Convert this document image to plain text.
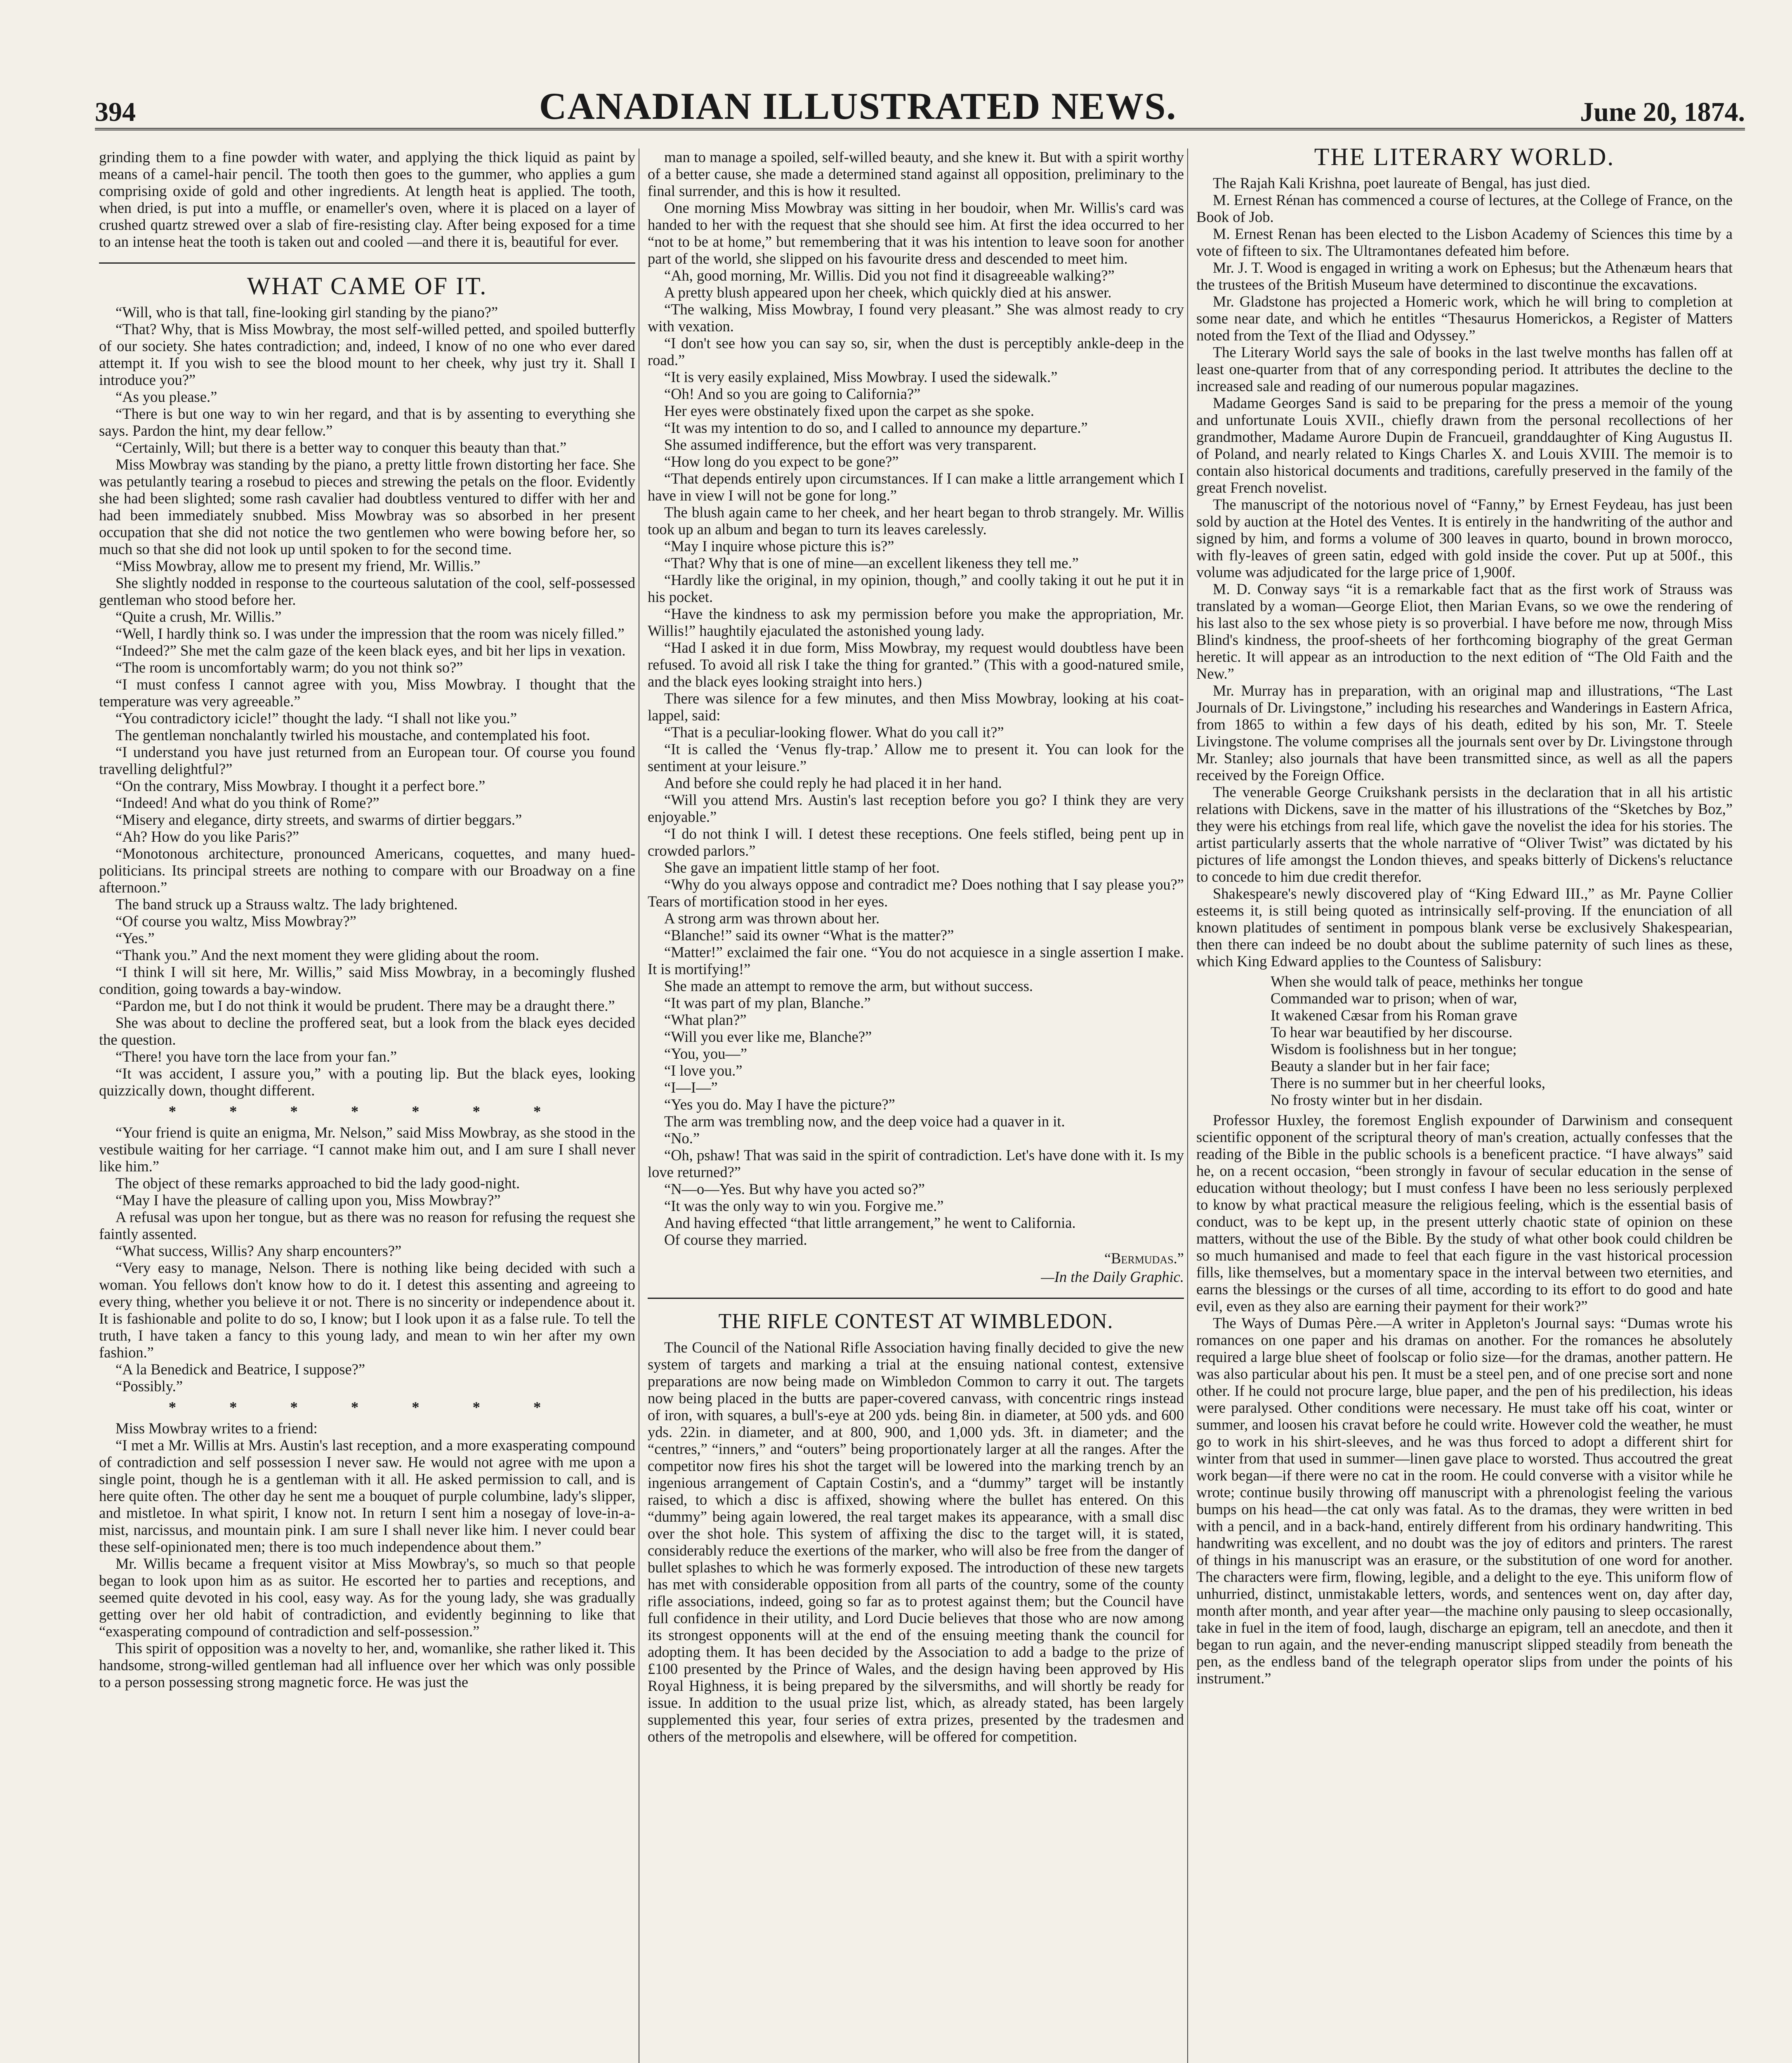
394	CANADIAN ILLUSTRATED NEWS.	June 20, 1874.

grinding them to a fine powder with water, and applying the thick liquid as paint by means of a camel-hair pencil. The tooth then goes to the gummer, who applies a gum comprising oxide of gold and other ingredients. At length heat is applied. The tooth, when dried, is put into a muffle, or enameller's oven, where it is placed on a layer of crushed quartz strewed over a slab of fire-resisting clay. After being exposed for a time to an intense heat the tooth is taken out and cooled —and there it is, beautiful for ever.

WHAT CAME OF IT.

“Will, who is that tall, fine-looking girl standing by the piano?”

“That? Why, that is Miss Mowbray, the most self-willed petted, and spoiled butterfly of our society. She hates contradiction; and, indeed, I know of no one who ever dared attempt it. If you wish to see the blood mount to her cheek, why just try it. Shall I introduce you?”

“As you please.”

“There is but one way to win her regard, and that is by assenting to everything she says. Pardon the hint, my dear fellow.”

“Certainly, Will; but there is a better way to conquer this beauty than that.”

Miss Mowbray was standing by the piano, a pretty little frown distorting her face. She was petulantly tearing a rosebud to pieces and strewing the petals on the floor. Evidently she had been slighted; some rash cavalier had doubtless ventured to differ with her and had been immediately snubbed. Miss Mowbray was so absorbed in her present occupation that she did not notice the two gentlemen who were bowing before her, so much so that she did not look up until spoken to for the second time.

“Miss Mowbray, allow me to present my friend, Mr. Willis.”

She slightly nodded in response to the courteous salutation of the cool, self-possessed gentleman who stood before her.

“Quite a crush, Mr. Willis.”

“Well, I hardly think so. I was under the impression that the room was nicely filled.”

“Indeed?” She met the calm gaze of the keen black eyes, and bit her lips in vexation.

“The room is uncomfortably warm; do you not think so?”

“I must confess I cannot agree with you, Miss Mowbray. I thought that the temperature was very agreeable.”

“You contradictory icicle!” thought the lady. “I shall not like you.”

The gentleman nonchalantly twirled his moustache, and contemplated his foot.

“I understand you have just returned from an European tour. Of course you found travelling delightful?”

“On the contrary, Miss Mowbray. I thought it a perfect bore.”

“Indeed! And what do you think of Rome?”

“Misery and elegance, dirty streets, and swarms of dirtier beggars.”

“Ah? How do you like Paris?”

“Monotonous architecture, pronounced Americans, coquettes, and many hued-politicians. Its principal streets are nothing to compare with our Broadway on a fine afternoon.”

The band struck up a Strauss waltz. The lady brightened.

“Of course you waltz, Miss Mowbray?”

“Yes.”

“Thank you.” And the next moment they were gliding about the room.

“I think I will sit here, Mr. Willis,” said Miss Mowbray, in a becomingly flushed condition, going towards a bay-window.

“Pardon me, but I do not think it would be prudent. There may be a draught there.”

She was about to decline the proffered seat, but a look from the black eyes decided the question.

“There! you have torn the lace from your fan.”

“It was accident, I assure you,” with a pouting lip. But the black eyes, looking quizzically down, thought different.

* * * * * * *

“Your friend is quite an enigma, Mr. Nelson,” said Miss Mowbray, as she stood in the vestibule waiting for her carriage. “I cannot make him out, and I am sure I shall never like him.”

The object of these remarks approached to bid the lady good-night.

“May I have the pleasure of calling upon you, Miss Mowbray?”

A refusal was upon her tongue, but as there was no reason for refusing the request she faintly assented.

“What success, Willis? Any sharp encounters?”

“Very easy to manage, Nelson. There is nothing like being decided with such a woman. You fellows don't know how to do it. I detest this assenting and agreeing to every thing, whether you believe it or not. There is no sincerity or independence about it. It is fashionable and polite to do so, I know; but I look upon it as a false rule. To tell the truth, I have taken a fancy to this young lady, and mean to win her after my own fashion.”

“A la Benedick and Beatrice, I suppose?”

“Possibly.”

* * * * * * *

Miss Mowbray writes to a friend:

“I met a Mr. Willis at Mrs. Austin's last reception, and a more exasperating compound of contradiction and self possession I never saw. He would not agree with me upon a single point, though he is a gentleman with it all. He asked permission to call, and is here quite often. The other day he sent me a bouquet of purple columbine, lady's slipper, and mistletoe. In what spirit, I know not. In return I sent him a nosegay of love-in-a-mist, narcissus, and mountain pink. I am sure I shall never like him. I never could bear these self-opinionated men; there is too much independence about them.”

Mr. Willis became a frequent visitor at Miss Mowbray's, so much so that people began to look upon him as as suitor. He escorted her to parties and receptions, and seemed quite devoted in his cool, easy way. As for the young lady, she was gradually getting over her old habit of contradiction, and evidently beginning to like that “exasperating compound of contradiction and self-possession.”

This spirit of opposition was a novelty to her, and, womanlike, she rather liked it. This handsome, strong-willed gentleman had all influence over her which was only possible to a person possessing strong magnetic force. He was just the

man to manage a spoiled, self-willed beauty, and she knew it. But with a spirit worthy of a better cause, she made a determined stand against all opposition, preliminary to the final surrender, and this is how it resulted.

One morning Miss Mowbray was sitting in her boudoir, when Mr. Willis's card was handed to her with the request that she should see him. At first the idea occurred to her “not to be at home,” but remembering that it was his intention to leave soon for another part of the world, she slipped on his favourite dress and descended to meet him.

“Ah, good morning, Mr. Willis. Did you not find it disagreeable walking?”

A pretty blush appeared upon her cheek, which quickly died at his answer.

“The walking, Miss Mowbray, I found very pleasant.” She was almost ready to cry with vexation.

“I don't see how you can say so, sir, when the dust is perceptibly ankle-deep in the road.”

“It is very easily explained, Miss Mowbray. I used the sidewalk.”

“Oh! And so you are going to California?”

Her eyes were obstinately fixed upon the carpet as she spoke.

“It was my intention to do so, and I called to announce my departure.”

She assumed indifference, but the effort was very transparent.

“How long do you expect to be gone?”

“That depends entirely upon circumstances. If I can make a little arrangement which I have in view I will not be gone for long.”

The blush again came to her cheek, and her heart began to throb strangely. Mr. Willis took up an album and began to turn its leaves carelessly.

“May I inquire whose picture this is?”

“That? Why that is one of mine—an excellent likeness they tell me.”

“Hardly like the original, in my opinion, though,” and coolly taking it out he put it in his pocket.

“Have the kindness to ask my permission before you make the appropriation, Mr. Willis!” haughtily ejaculated the astonished young lady.

“Had I asked it in due form, Miss Mowbray, my request would doubtless have been refused. To avoid all risk I take the thing for granted.” (This with a good-natured smile, and the black eyes looking straight into hers.)

There was silence for a few minutes, and then Miss Mowbray, looking at his coat-lappel, said:

“That is a peculiar-looking flower. What do you call it?”

“It is called the ‘Venus fly-trap.’ Allow me to present it. You can look for the sentiment at your leisure.”

And before she could reply he had placed it in her hand.

“Will you attend Mrs. Austin's last reception before you go? I think they are very enjoyable.”

“I do not think I will. I detest these receptions. One feels stifled, being pent up in crowded parlors.”

She gave an impatient little stamp of her foot.

“Why do you always oppose and contradict me? Does nothing that I say please you?” Tears of mortification stood in her eyes.

A strong arm was thrown about her.

“Blanche!” said its owner “What is the matter?”

“Matter!” exclaimed the fair one. “You do not acquiesce in a single assertion I make. It is mortifying!”

She made an attempt to remove the arm, but without success.

“It was part of my plan, Blanche.”

“What plan?”

“Will you ever like me, Blanche?”

“You, you—”

“I love you.”

“I—I—”

“Yes you do. May I have the picture?”

The arm was trembling now, and the deep voice had a quaver in it.

“No.”

“Oh, pshaw! That was said in the spirit of contradiction. Let's have done with it. Is my love returned?”

“N—o—Yes. But why have you acted so?”

“It was the only way to win you. Forgive me.”

And having effected “that little arrangement,” he went to California.

Of course they married.

“Bermudas.”
—In the Daily Graphic.
THE RIFLE CONTEST AT WIMBLEDON.

The Council of the National Rifle Association having finally decided to give the new system of targets and marking a trial at the ensuing national contest, extensive preparations are now being made on Wimbledon Common to carry it out. The targets now being placed in the butts are paper-covered canvass, with concentric rings instead of iron, with squares, a bull's-eye at 200 yds. being 8in. in diameter, at 500 yds. and 600 yds. 22in. in diameter, and at 800, 900, and 1,000 yds. 3ft. in diameter; and the “centres,” “inners,” and “outers” being proportionately larger at all the ranges. After the competitor now fires his shot the target will be lowered into the marking trench by an ingenious arrangement of Captain Costin's, and a “dummy” target will be instantly raised, to which a disc is affixed, showing where the bullet has entered. On this “dummy” being again lowered, the real target makes its appearance, with a small disc over the shot hole. This system of affixing the disc to the target will, it is stated, considerably reduce the exertions of the marker, who will also be free from the danger of bullet splashes to which he was formerly exposed. The introduction of these new targets has met with considerable opposition from all parts of the country, some of the county rifle associations, indeed, going so far as to protest against them; but the Council have full confidence in their utility, and Lord Ducie believes that those who are now among its strongest opponents will at the end of the ensuing meeting thank the council for adopting them. It has been decided by the Association to add a badge to the prize of £100 presented by the Prince of Wales, and the design having been approved by His Royal Highness, it is being prepared by the silversmiths, and will shortly be ready for issue. In addition to the usual prize list, which, as already stated, has been largely supplemented this year, four series of extra prizes, presented by the tradesmen and others of the metropolis and elsewhere, will be offered for competition.

THE LITERARY WORLD.

The Rajah Kali Krishna, poet laureate of Bengal, has just died.

M. Ernest Rénan has commenced a course of lectures, at the College of France, on the Book of Job.

M. Ernest Renan has been elected to the Lisbon Academy of Sciences this time by a vote of fifteen to six. The Ultramontanes defeated him before.

Mr. J. T. Wood is engaged in writing a work on Ephesus; but the Athenæum hears that the trustees of the British Museum have determined to discontinue the excavations.

Mr. Gladstone has projected a Homeric work, which he will bring to completion at some near date, and which he entitles “Thesaurus Homerickos, a Register of Matters noted from the Text of the Iliad and Odyssey.”

The Literary World says the sale of books in the last twelve months has fallen off at least one-quarter from that of any corresponding period. It attributes the decline to the increased sale and reading of our numerous popular magazines.

Madame Georges Sand is said to be preparing for the press a memoir of the young and unfortunate Louis XVII., chiefly drawn from the personal recollections of her grandmother, Madame Aurore Dupin de Francueil, granddaughter of King Augustus II. of Poland, and nearly related to Kings Charles X. and Louis XVIII. The memoir is to contain also historical documents and traditions, carefully preserved in the family of the great French novelist.

The manuscript of the notorious novel of “Fanny,” by Ernest Feydeau, has just been sold by auction at the Hotel des Ventes. It is entirely in the handwriting of the author and signed by him, and forms a volume of 300 leaves in quarto, bound in brown morocco, with fly-leaves of green satin, edged with gold inside the cover. Put up at 500f., this volume was adjudicated for the large price of 1,900f.

M. D. Conway says “it is a remarkable fact that as the first work of Strauss was translated by a woman—George Eliot, then Marian Evans, so we owe the rendering of his last also to the sex whose piety is so proverbial. I have before me now, through Miss Blind's kindness, the proof-sheets of her forthcoming biography of the great German heretic. It will appear as an introduction to the next edition of “The Old Faith and the New.”

Mr. Murray has in preparation, with an original map and illustrations, “The Last Journals of Dr. Livingstone,” including his researches and Wanderings in Eastern Africa, from 1865 to within a few days of his death, edited by his son, Mr. T. Steele Livingstone. The volume comprises all the journals sent over by Dr. Livingstone through Mr. Stanley; also journals that have been transmitted since, as well as all the papers received by the Foreign Office.

The venerable George Cruikshank persists in the declaration that in all his artistic relations with Dickens, save in the matter of his illustrations of the “Sketches by Boz,” they were his etchings from real life, which gave the novelist the idea for his stories. The artist particularly asserts that the whole narrative of “Oliver Twist” was dictated by his pictures of life amongst the London thieves, and speaks bitterly of Dickens's reluctance to concede to him due credit therefor.

Shakespeare's newly discovered play of “King Edward III.,” as Mr. Payne Collier esteems it, is still being quoted as intrinsically self-proving. If the enunciation of all known platitudes of sentiment in pompous blank verse be exclusively Shakespearian, then there can indeed be no doubt about the sublime paternity of such lines as these, which King Edward applies to the Countess of Salisbury:

When she would talk of peace, methinks her tongue
Commanded war to prison; when of war,
It wakened Cæsar from his Roman grave
To hear war beautified by her discourse.
Wisdom is foolishness but in her tongue;
Beauty a slander but in her fair face;
There is no summer but in her cheerful looks,
No frosty winter but in her disdain.

Professor Huxley, the foremost English expounder of Darwinism and consequent scientific opponent of the scriptural theory of man's creation, actually confesses that the reading of the Bible in the public schools is a beneficent practice. “I have always” said he, on a recent occasion, “been strongly in favour of secular education in the sense of education without theology; but I must confess I have been no less seriously perplexed to know by what practical measure the religious feeling, which is the essential basis of conduct, was to be kept up, in the present utterly chaotic state of opinion on these matters, without the use of the Bible. By the study of what other book could children be so much humanised and made to feel that each figure in the vast historical procession fills, like themselves, but a momentary space in the interval between two eternities, and earns the blessings or the curses of all time, according to its effort to do good and hate evil, even as they also are earning their payment for their work?”

The Ways of Dumas Père.—A writer in Appleton's Journal says: “Dumas wrote his romances on one paper and his dramas on another. For the romances he absolutely required a large blue sheet of foolscap or folio size—for the dramas, another pattern. He was also particular about his pen. It must be a steel pen, and of one precise sort and none other. If he could not procure large, blue paper, and the pen of his predilection, his ideas were paralysed. Other conditions were necessary. He must take off his coat, winter or summer, and loosen his cravat before he could write. However cold the weather, he must go to work in his shirt-sleeves, and he was thus forced to adopt a different shirt for winter from that used in summer—linen gave place to worsted. Thus accoutred the great work began—if there were no cat in the room. He could converse with a visitor while he wrote; continue busily throwing off manuscript with a phrenologist feeling the various bumps on his head—the cat only was fatal. As to the dramas, they were written in bed with a pencil, and in a back-hand, entirely different from his ordinary handwriting. This handwriting was excellent, and no doubt was the joy of editors and printers. The rarest of things in his manuscript was an erasure, or the substitution of one word for another. The characters were firm, flowing, legible, and a delight to the eye. This uniform flow of unhurried, distinct, unmistakable letters, words, and sentences went on, day after day, month after month, and year after year—the machine only pausing to sleep occasionally, take in fuel in the item of food, laugh, discharge an epigram, tell an anecdote, and then it began to run again, and the never-ending manuscript slipped steadily from beneath the pen, as the endless band of the telegraph operator slips from under the points of his instrument.”
